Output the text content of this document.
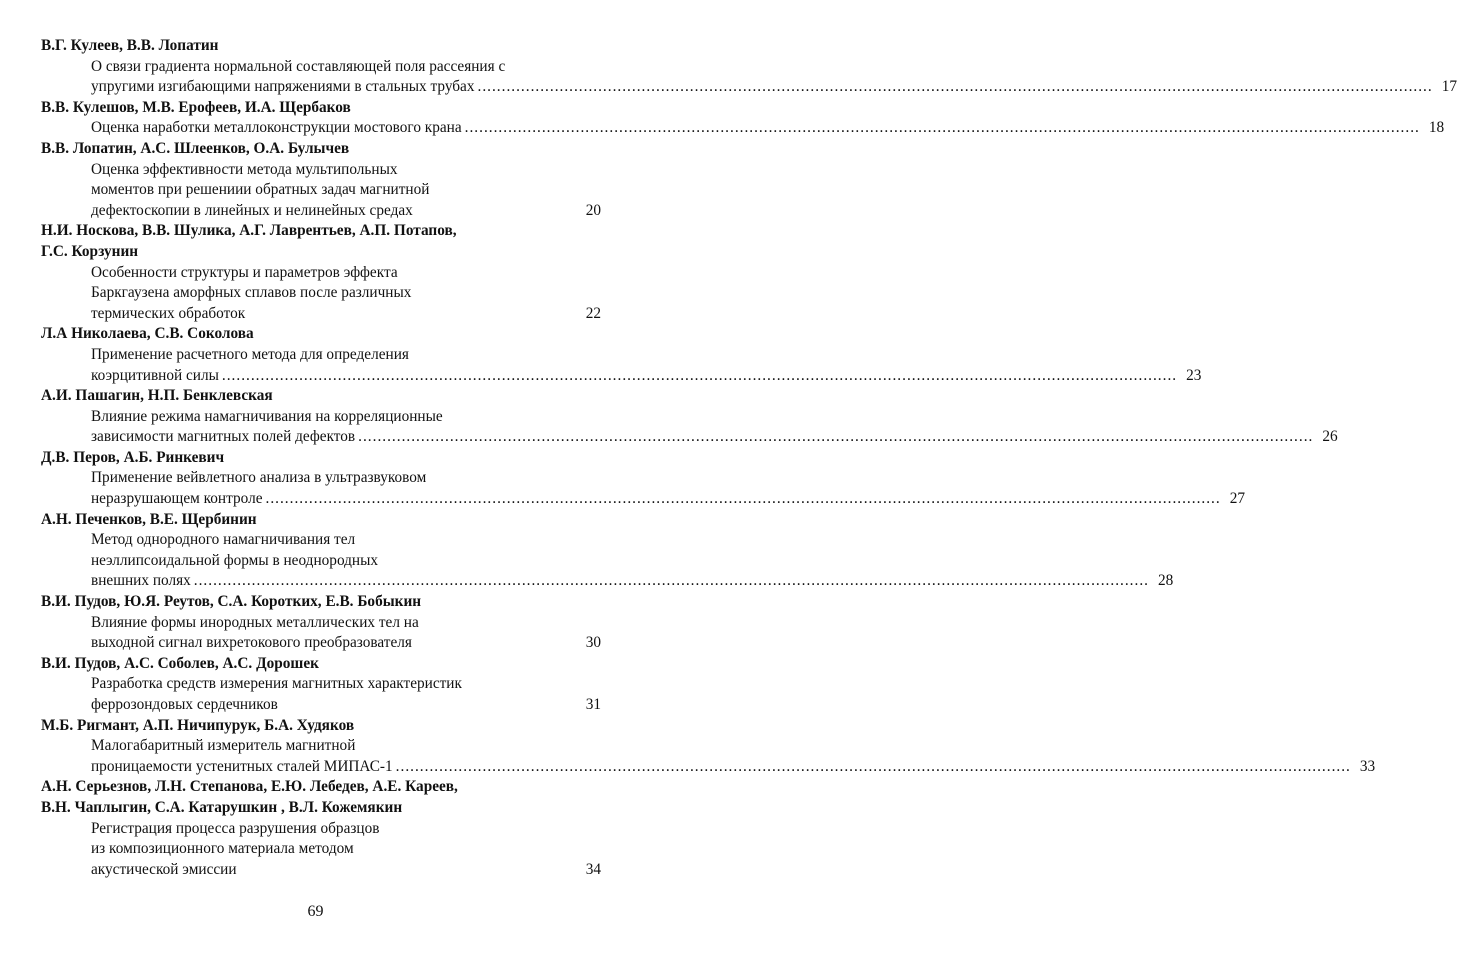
В.Г. Кулеев, В.В. Лопатин
О связи градиента нормальной составляющей поля рассеяния с
упругими изгибающими напряжениями в стальных трубах ...................................................................................................................................................................................................... 17
В.В. Кулешов, М.В. Ерофеев, И.А. Щербаков
Оценка наработки металлоконструкции мостового крана ...................................................................................................................................................................................................... 18
В.В. Лопатин, А.С. Шлеенков, О.А. Булычев
Оценка эффективности метода мультипольных
моментов при решениии обратных задач магнитной
дефектоскопии в линейных и нелинейных средах	20
Н.И. Носкова, В.В. Шулика, А.Г. Лаврентьев, А.П. Потапов,
Г.С. Корзунин
Особенности структуры и параметров эффекта
Баркгаузена аморфных сплавов после различных
термических обработок	22
Л.А Николаева, С.В. Соколова
Применение расчетного метода для определения
коэрцитивной силы ...................................................................................................................................................................................................... 23
А.И. Пашагин, Н.П. Бенклевская
Влияние режима намагничивания на корреляционные
зависимости магнитных полей дефектов ...................................................................................................................................................................................................... 26
Д.В. Перов, А.Б. Ринкевич
Применение вейвлетного анализа в ультразвуковом
неразрушающем контроле ...................................................................................................................................................................................................... 27
А.Н. Печенков, В.Е. Щербинин
Метод однородного намагничивания тел
неэллипсоидальной формы в неоднородных
внешних полях ...................................................................................................................................................................................................... 28
В.И. Пудов, Ю.Я. Реутов, С.А. Коротких, Е.В. Бобыкин
Влияние формы инородных металлических тел на
выходной сигнал вихретокового преобразователя	30
В.И. Пудов, А.С. Соболев, А.С. Дорошек
Разработка средств измерения магнитных характеристик
феррозондовых сердечников	31
М.Б. Ригмант, А.П. Ничипурук, Б.А. Худяков
Малогабаритный измеритель магнитной
проницаемости устенитных сталей МИПАС-1 ...................................................................................................................................................................................................... 33
А.Н. Серьезнов, Л.Н. Степанова, Е.Ю. Лебедев, А.Е. Кареев,
В.Н. Чаплыгин, С.А. Катарушкин , В.Л. Кожемякин
Регистрация процесса разрушения образцов
из композиционного материала методом
акустической эмиссии	34
69
